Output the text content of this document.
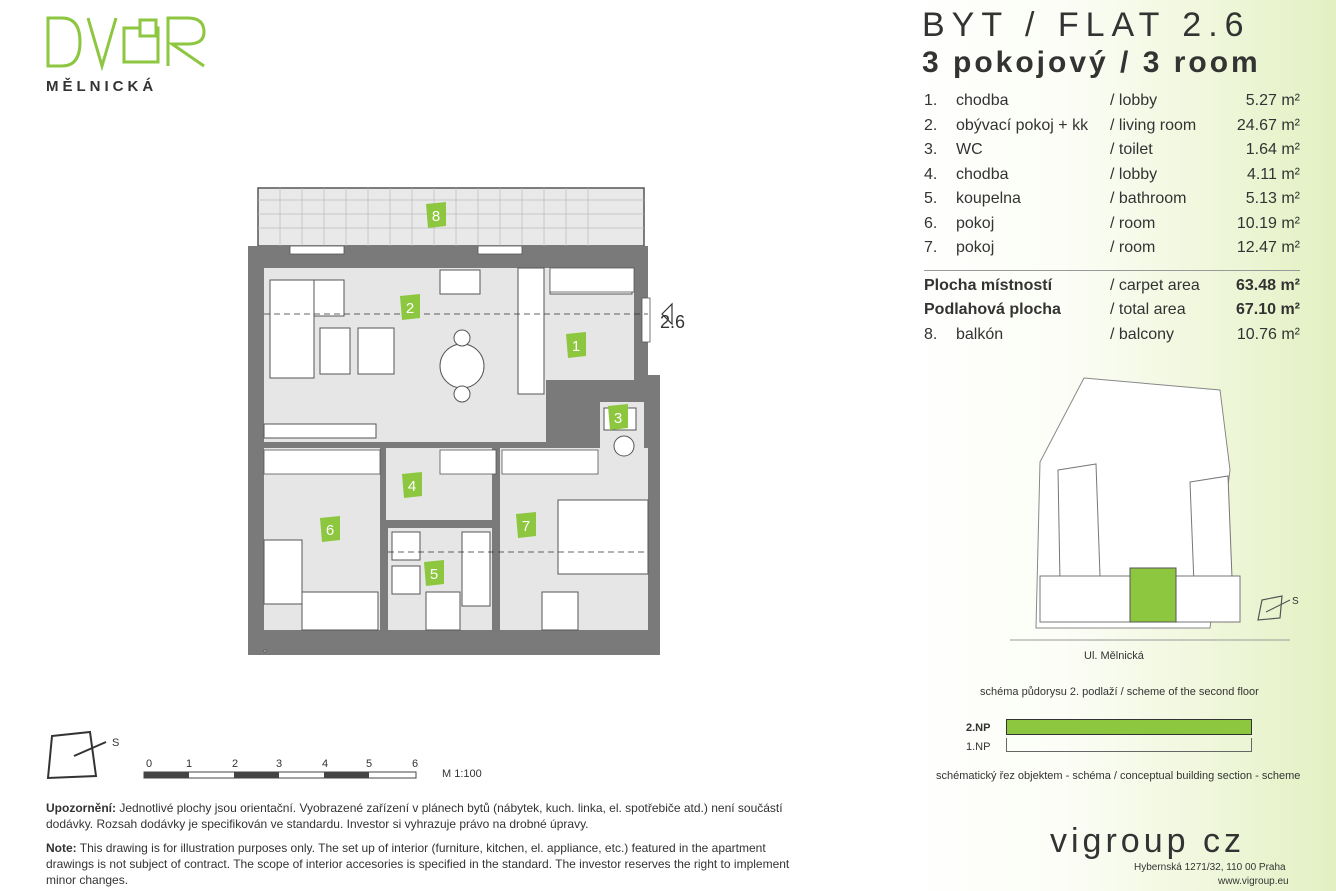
MĚLNICKÁ
8
2
1
3
4
6	7
5
2.6
S
0	1	2	3	4	5	6
M 1:100
Upozornění: Jednotlivé plochy jsou orientační. Vyobrazené zařízení v plánech bytů (nábytek, kuch. linka, el. spotřebiče atd.) není součástí dodávky. Rozsah dodávky je specifikován ve standardu. Investor si vyhrazuje právo na drobné úpravy.
Note: This drawing is for illustration purposes only. The set up of interior (furniture, kitchen, el. appliance, etc.) featured in the apartment drawings is not subject of contract. The scope of interior accesories is specified in the standard. The investor reserves the right to implement minor changes.
BYT / FLAT 2.6
3 pokojový / 3 room
1. chodba	/ lobby	5.27 m²
2. obývací pokoj + kk / living room	24.67 m²
3. WC	/ toilet	1.64 m²
4. chodba	/ lobby	4.11 m²
5. koupelna	/ bathroom	5.13 m²
6. pokoj	/ room	10.19 m²
7. pokoj	/ room	12.47 m²
Plocha místností	/ carpet area 63.48 m²
Podlahová plocha	/ total area	67.10 m²
8. balkón	/ balcony	10.76 m²
S
Ul. Mělnická
schéma půdorysu 2. podlaží / scheme of the second floor
2.NP
1.NP
schématický řez objektem - schéma / conceptual building section - scheme
vigroup cz
Hybernská 1271/32, 110 00 Praha
www.vigroup.eu
